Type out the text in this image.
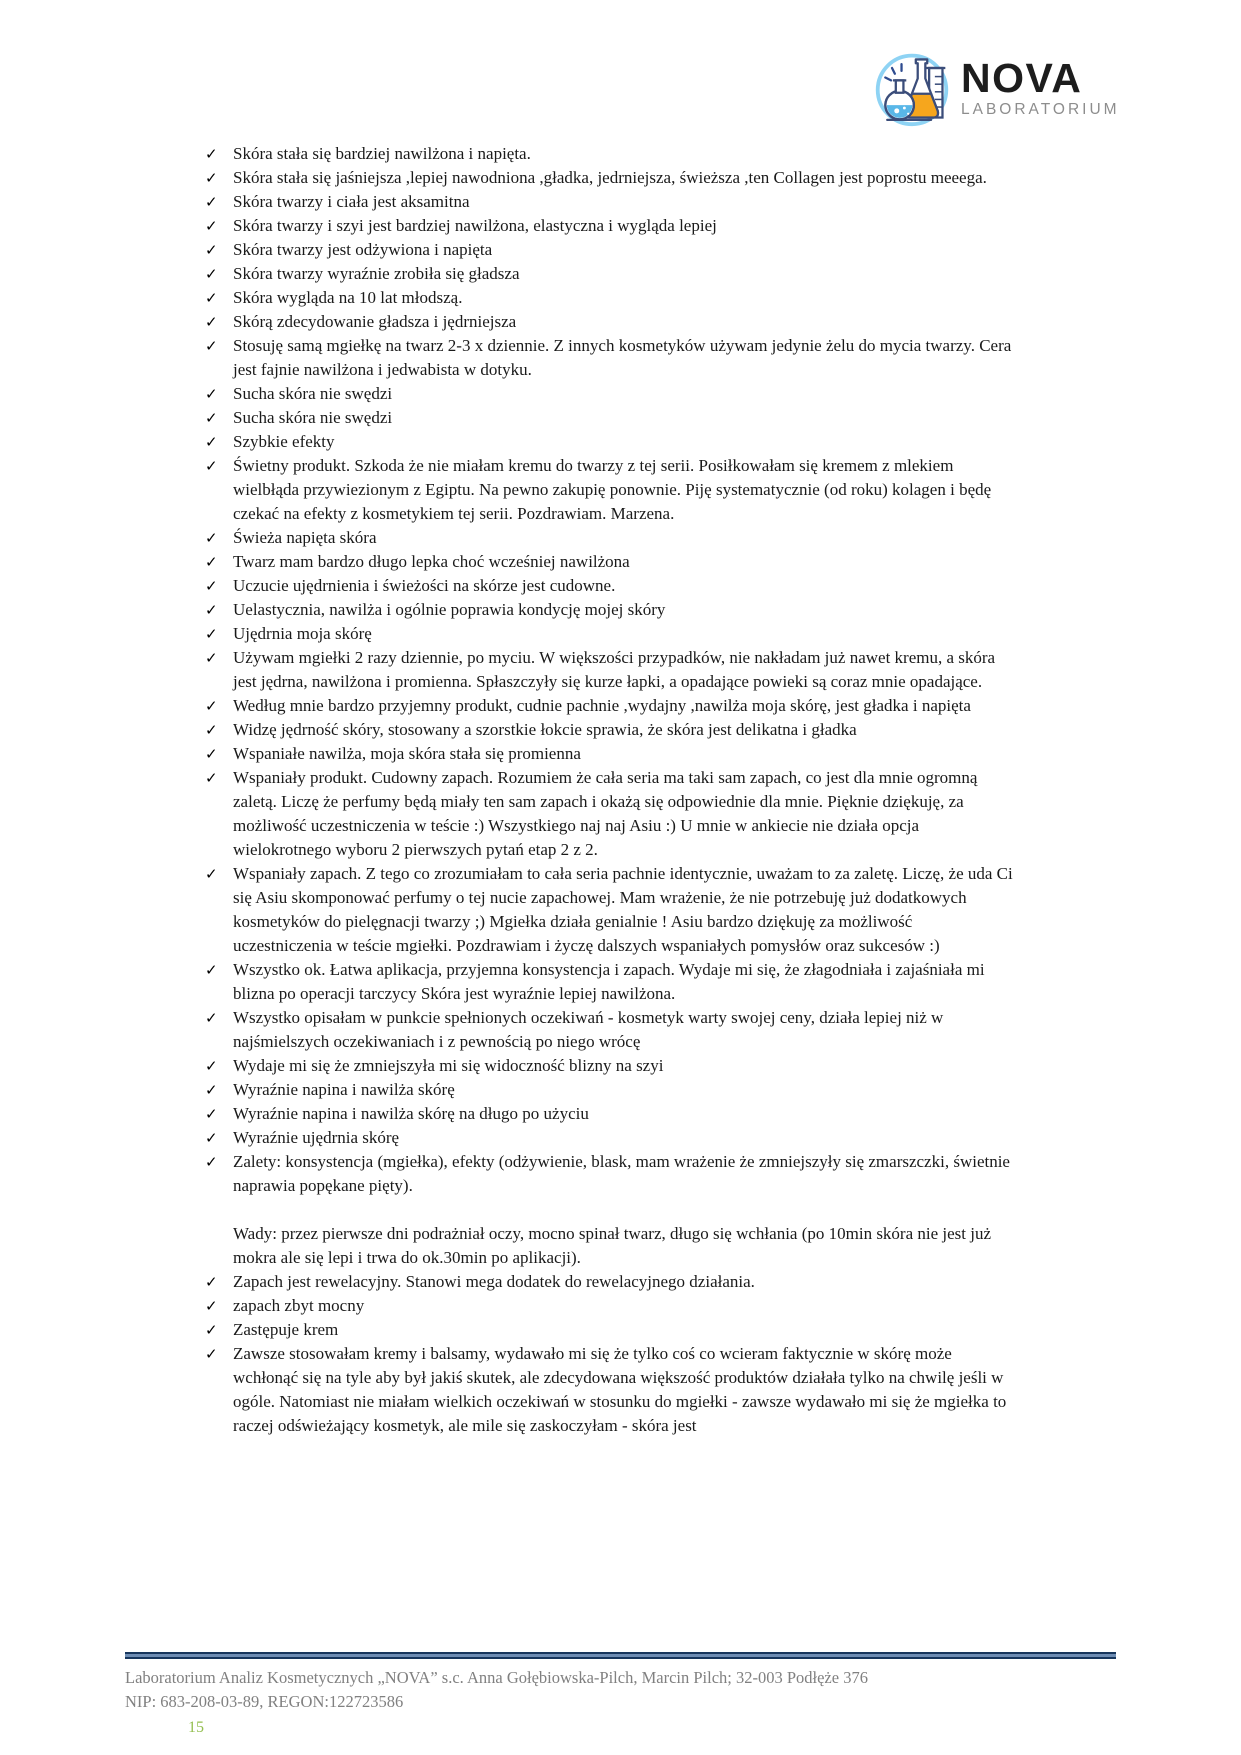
NOVA
LABORATORIUM
✓ Skóra stała się bardziej nawilżona i napięta.

✓ Skóra stała się jaśniejsza ,lepiej nawodniona ,gładka, jedrniejsza, świeższa ,ten Collagen jest poprostu meeega.

✓ Skóra twarzy i ciała jest aksamitna

✓ Skóra twarzy i szyi jest bardziej nawilżona, elastyczna i wygląda lepiej

✓ Skóra twarzy jest odżywiona i napięta

✓ Skóra twarzy wyraźnie zrobiła się gładsza

✓ Skóra wygląda na 10 lat młodszą.

✓ Skórą zdecydowanie gładsza i jędrniejsza

✓ Stosuję samą mgiełkę na twarz 2-3 x dziennie. Z innych kosmetyków używam jedynie żelu do mycia twarzy. Cera jest fajnie nawilżona i jedwabista w dotyku.

✓ Sucha skóra nie swędzi

✓ Sucha skóra nie swędzi

✓ Szybkie efekty

✓ Świetny produkt. Szkoda że nie miałam kremu do twarzy z tej serii. Posiłkowałam się kremem z mlekiem wielbłąda przywiezionym z Egiptu. Na pewno zakupię ponownie. Piję systematycznie (od roku) kolagen i będę czekać na efekty z kosmetykiem tej serii. Pozdrawiam. Marzena.

✓ Świeża napięta skóra

✓ Twarz mam bardzo długo lepka choć wcześniej nawilżona

✓ Uczucie ujędrnienia i świeżości na skórze jest cudowne.

✓ Uelastycznia, nawilża i ogólnie poprawia kondycję mojej skóry

✓ Ujędrnia moja skórę

✓ Używam mgiełki 2 razy dziennie, po myciu. W większości przypadków, nie nakładam już nawet kremu, a skóra jest jędrna, nawilżona i promienna. Spłaszczyły się kurze łapki, a opadające powieki są coraz mnie opadające.

✓ Według mnie bardzo przyjemny produkt, cudnie pachnie ,wydajny ,nawilża moja skórę, jest gładka i napięta

✓ Widzę jędrność skóry, stosowany a szorstkie łokcie sprawia, że skóra jest delikatna i gładka

✓ Wspaniałe nawilża, moja skóra stała się promienna

✓ Wspaniały produkt. Cudowny zapach. Rozumiem że cała seria ma taki sam zapach, co jest dla mnie ogromną zaletą. Liczę że perfumy będą miały ten sam zapach i okażą się odpowiednie dla mnie. Pięknie dziękuję, za możliwość uczestniczenia w teście :) Wszystkiego naj naj Asiu :) U mnie w ankiecie nie działa opcja wielokrotnego wyboru 2 pierwszych pytań etap 2 z 2.

✓ Wspaniały zapach. Z tego co zrozumiałam to cała seria pachnie identycznie, uważam to za zaletę. Liczę, że uda Ci się Asiu skomponować perfumy o tej nucie zapachowej. Mam wrażenie, że nie potrzebuję już dodatkowych kosmetyków do pielęgnacji twarzy ;) Mgiełka działa genialnie ! Asiu bardzo dziękuję za możliwość uczestniczenia w teście mgiełki. Pozdrawiam i życzę dalszych wspaniałych pomysłów oraz sukcesów :)

✓ Wszystko ok. Łatwa aplikacja, przyjemna konsystencja i zapach. Wydaje mi się, że złagodniała i zajaśniała mi blizna po operacji tarczycy Skóra jest wyraźnie lepiej nawilżona.

✓ Wszystko opisałam w punkcie spełnionych oczekiwań - kosmetyk warty swojej ceny, działa lepiej niż w najśmielszych oczekiwaniach i z pewnością po niego wrócę

✓ Wydaje mi się że zmniejszyła mi się widoczność blizny na szyi

✓ Wyraźnie napina i nawilża skórę

✓ Wyraźnie napina i nawilża skórę na długo po użyciu

✓ Wyraźnie ujędrnia skórę

✓ Zalety: konsystencja (mgiełka), efekty (odżywienie, blask, mam wrażenie że zmniejszyły się zmarszczki, świetnie naprawia popękane pięty).

Wady: przez pierwsze dni podrażniał oczy, mocno spinał twarz, długo się wchłania (po 10min skóra nie jest już mokra ale się lepi i trwa do ok.30min po aplikacji).

✓ Zapach jest rewelacyjny. Stanowi mega dodatek do rewelacyjnego działania.

✓ zapach zbyt mocny

✓ Zastępuje krem

✓ Zawsze stosowałam kremy i balsamy, wydawało mi się że tylko coś co wcieram faktycznie w skórę może wchłonąć się na tyle aby był jakiś skutek, ale zdecydowana większość produktów działała tylko na chwilę jeśli w ogóle. Natomiast nie miałam wielkich oczekiwań w stosunku do mgiełki - zawsze wydawało mi się że mgiełka to raczej odświeżający kosmetyk, ale mile się zaskoczyłam - skóra jest

Laboratorium Analiz Kosmetycznych „NOVA” s.c. Anna Gołębiowska-Pilch, Marcin Pilch; 32-003 Podłęże 376
NIP: 683-208-03-89, REGON:122723586
15
